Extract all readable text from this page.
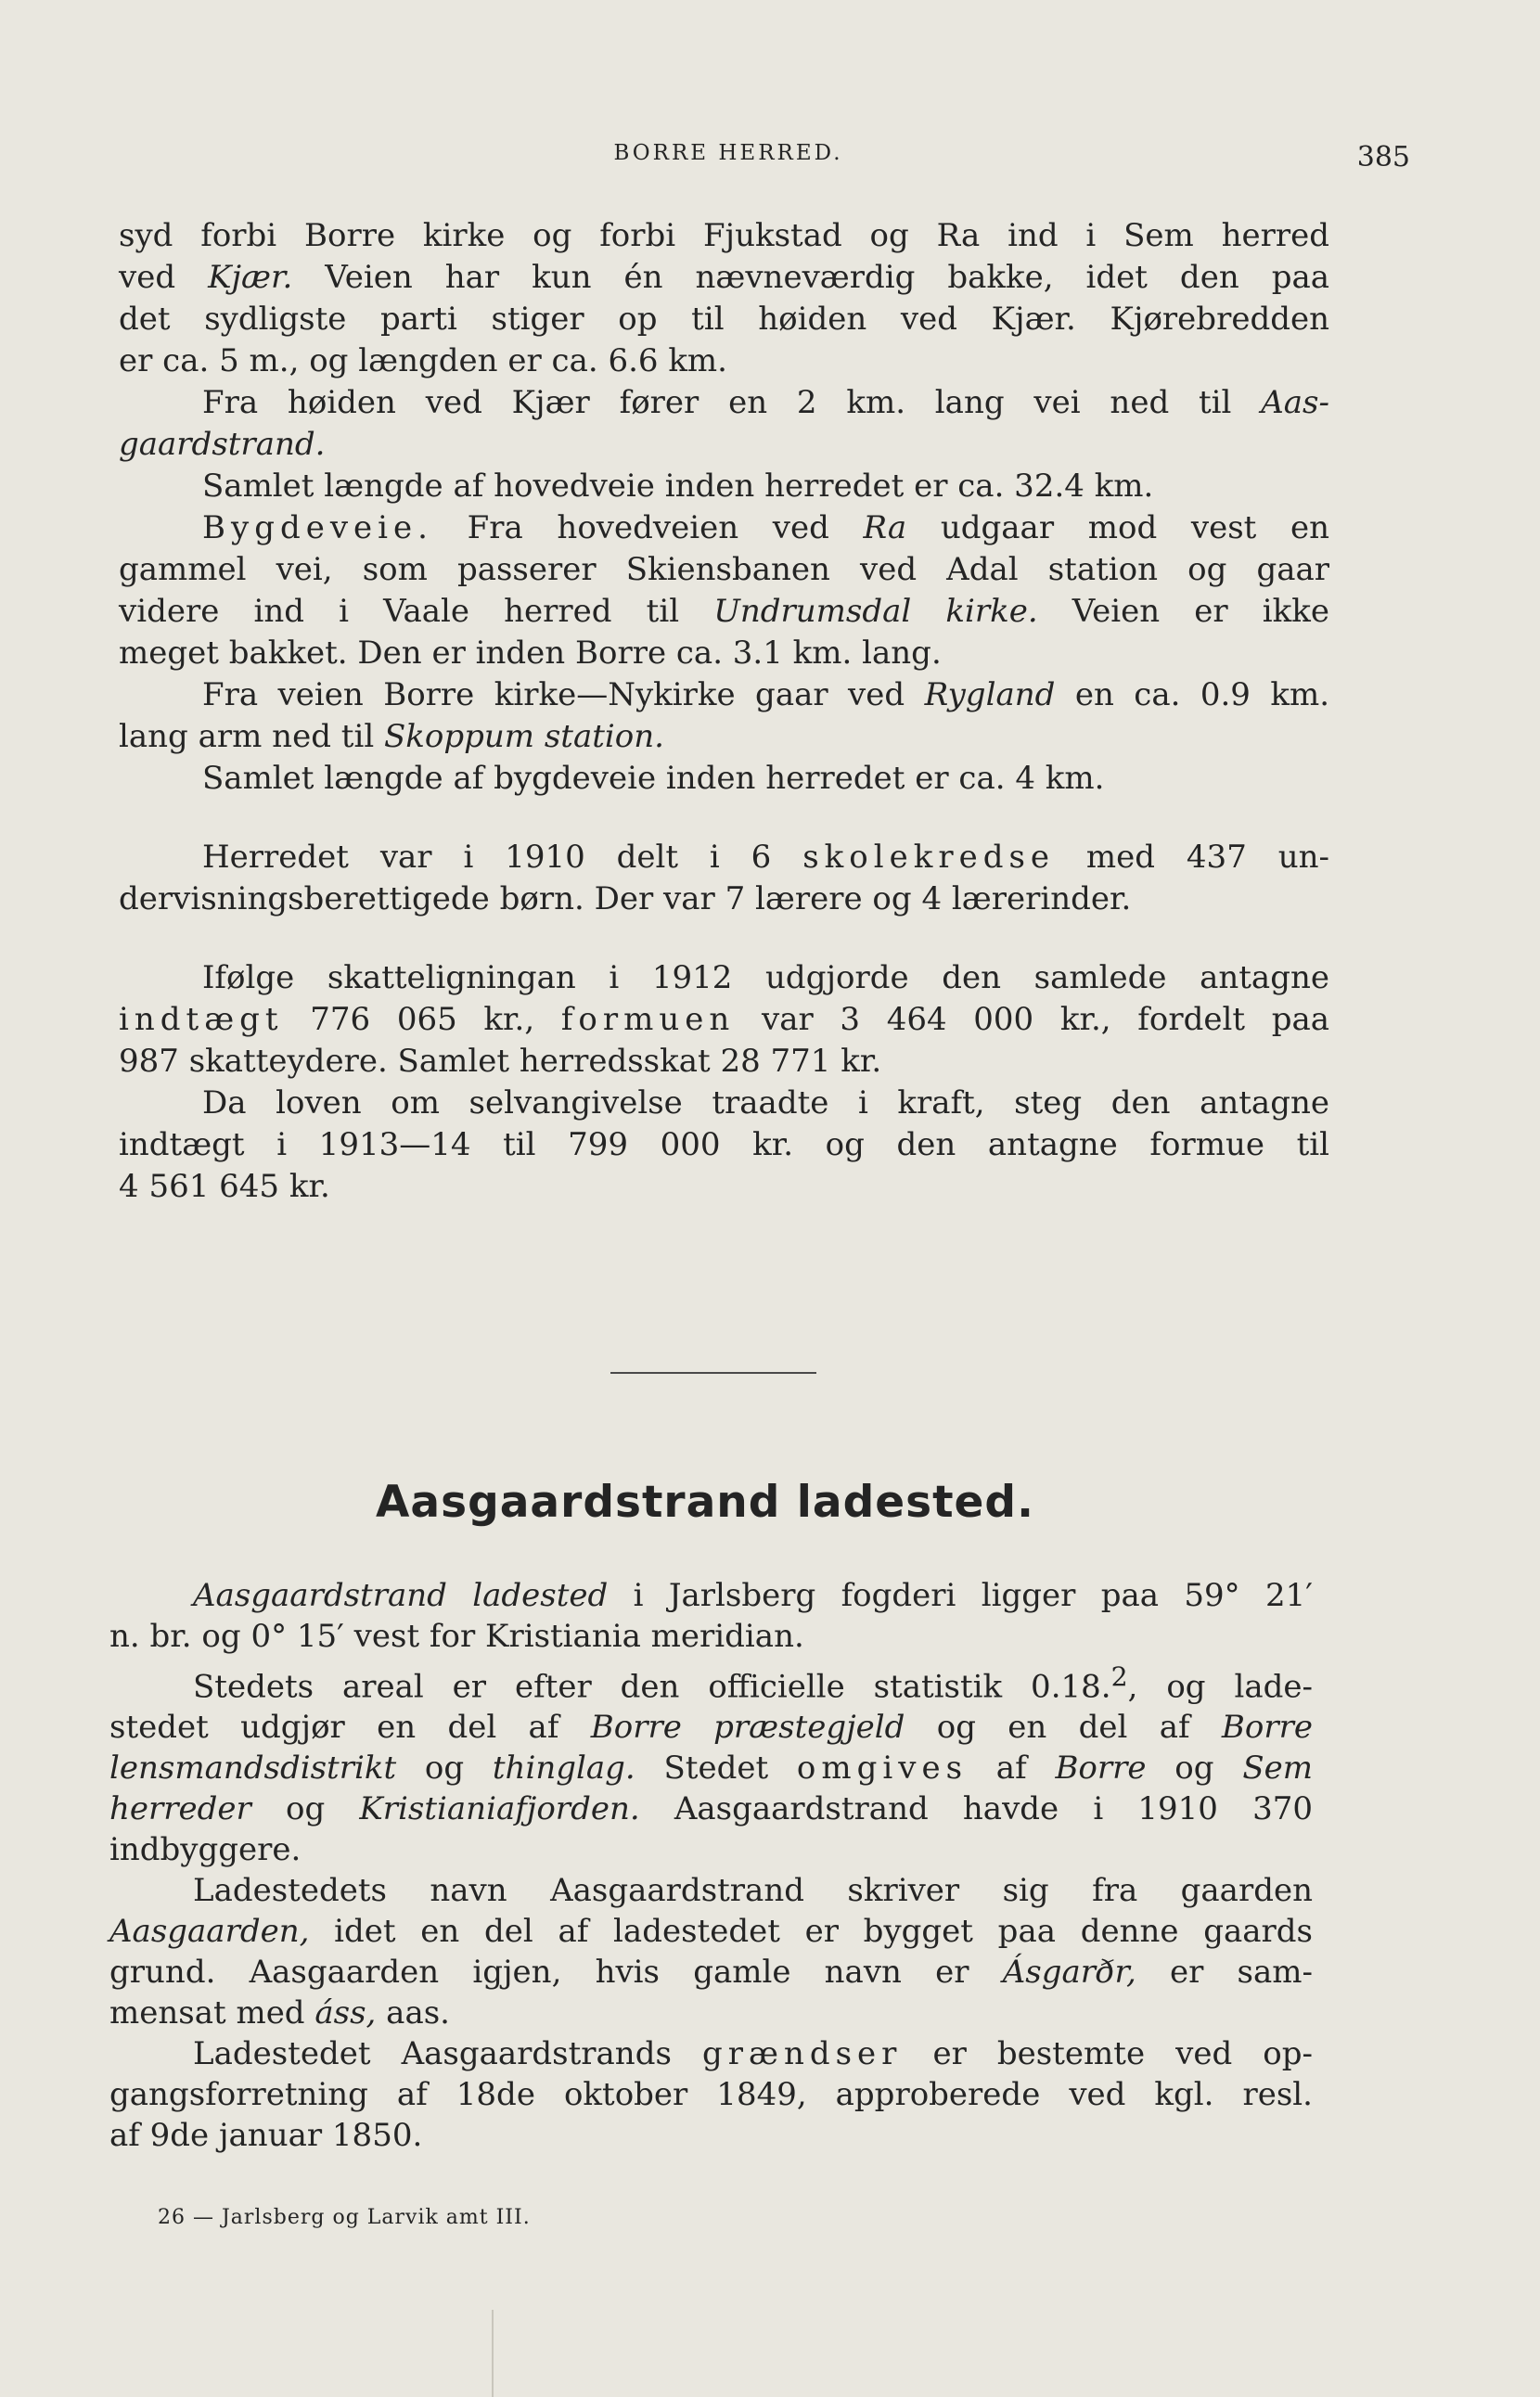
BORRE HERRED.	385

syd forbi Borre kirke og forbi Fjukstad og Ra ind i Sem herred
ved Kjær. Veien har kun én nævneværdig bakke, idet den paa
det sydligste parti stiger op til høiden ved Kjær. Kjørebredden
er ca. 5 m., og længden er ca. 6.6 km.

Fra høiden ved Kjær fører en 2 km. lang vei ned til Aas-
gaardstrand.

Samlet længde af hovedveie inden herredet er ca. 32.4 km.

Bygdeveie. Fra hovedveien ved Ra udgaar mod vest en
gammel vei, som passerer Skiensbanen ved Adal station og gaar
videre ind i Vaale herred til Undrumsdal kirke. Veien er ikke
meget bakket. Den er inden Borre ca. 3.1 km. lang.

Fra veien Borre kirke—Nykirke gaar ved Rygland en ca. 0.9 km.
lang arm ned til Skoppum station.

Samlet længde af bygdeveie inden herredet er ca. 4 km.

Herredet var i 1910 delt i 6 skolekredse med 437 un-
dervisningsberettigede børn. Der var 7 lærere og 4 lærerinder.

Ifølge skatteligningan i 1912 udgjorde den samlede antagne
indtægt 776 065 kr., formuen var 3 464 000 kr., fordelt paa
987 skatteydere. Samlet herredsskat 28 771 kr.

Da loven om selvangivelse traadte i kraft, steg den antagne
indtægt i 1913—14 til 799 000 kr. og den antagne formue til
4 561 645 kr.

Aasgaardstrand ladested.

Aasgaardstrand ladested i Jarlsberg fogderi ligger paa 59° 21′
n. br. og 0° 15′ vest for Kristiania meridian.

Stedets areal er efter den officielle statistik 0.18.$^2$, og lade-
stedet udgjør en del af Borre præstegjeld og en del af Borre
lensmandsdistrikt og thinglag. Stedet omgives af Borre og Sem
herreder og Kristianiafjorden. Aasgaardstrand havde i 1910 370
indbyggere.

Ladestedets navn Aasgaardstrand skriver sig fra gaarden
Aasgaarden, idet en del af ladestedet er bygget paa denne gaards
grund. Aasgaarden igjen, hvis gamle navn er Ásgarðr, er sam-
mensat med áss, aas.

Ladestedet Aasgaardstrands grændser er bestemte ved op-
gangsforretning af 18de oktober 1849, approberede ved kgl. resl.
af 9de januar 1850.

26 — Jarlsberg og Larvik amt III.
